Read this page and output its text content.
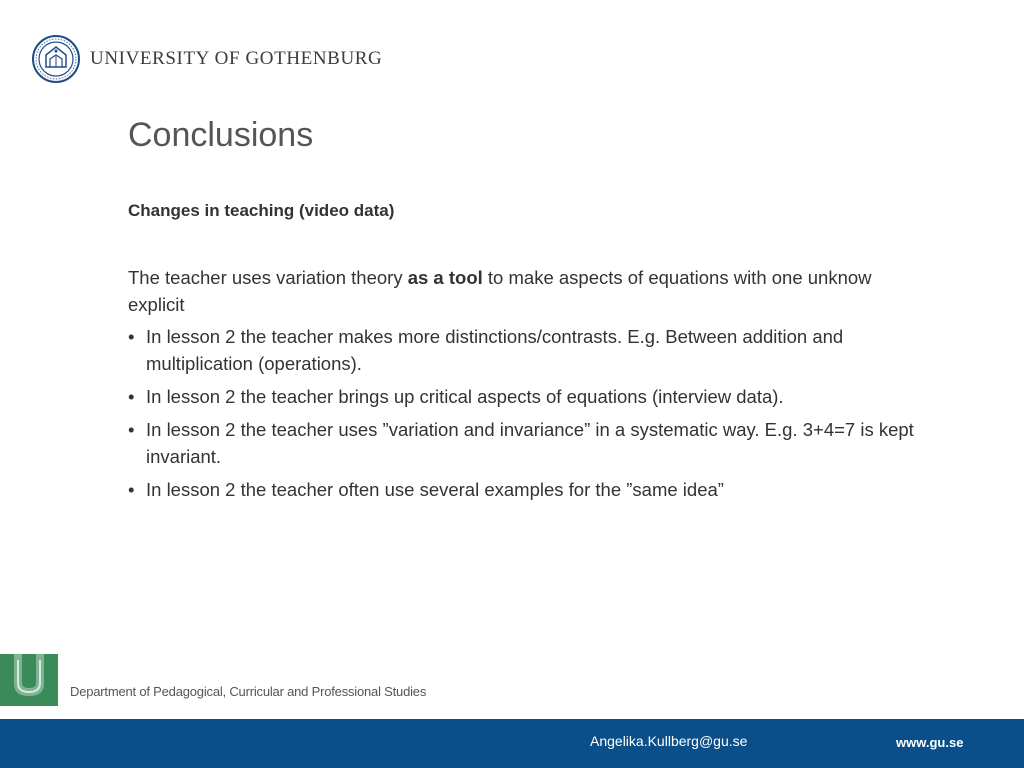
UNIVERSITY OF GOTHENBURG
Conclusions
Changes in teaching (video data)

The teacher uses variation theory as a tool to make aspects of equations with one unknow explicit

• In lesson 2 the teacher makes more distinctions/contrasts. E.g. Between addition and multiplication (operations).
• In lesson 2 the teacher brings up critical aspects of equations (interview data).
• In lesson 2 the teacher uses ”variation and invariance” in a systematic way. E.g. 3+4=7 is kept invariant.
• In lesson 2 the teacher often use several examples for the ”same idea”
Department of Pedagogical, Curricular and Professional Studies
Angelika.Kullberg@gu.se	www.gu.se
